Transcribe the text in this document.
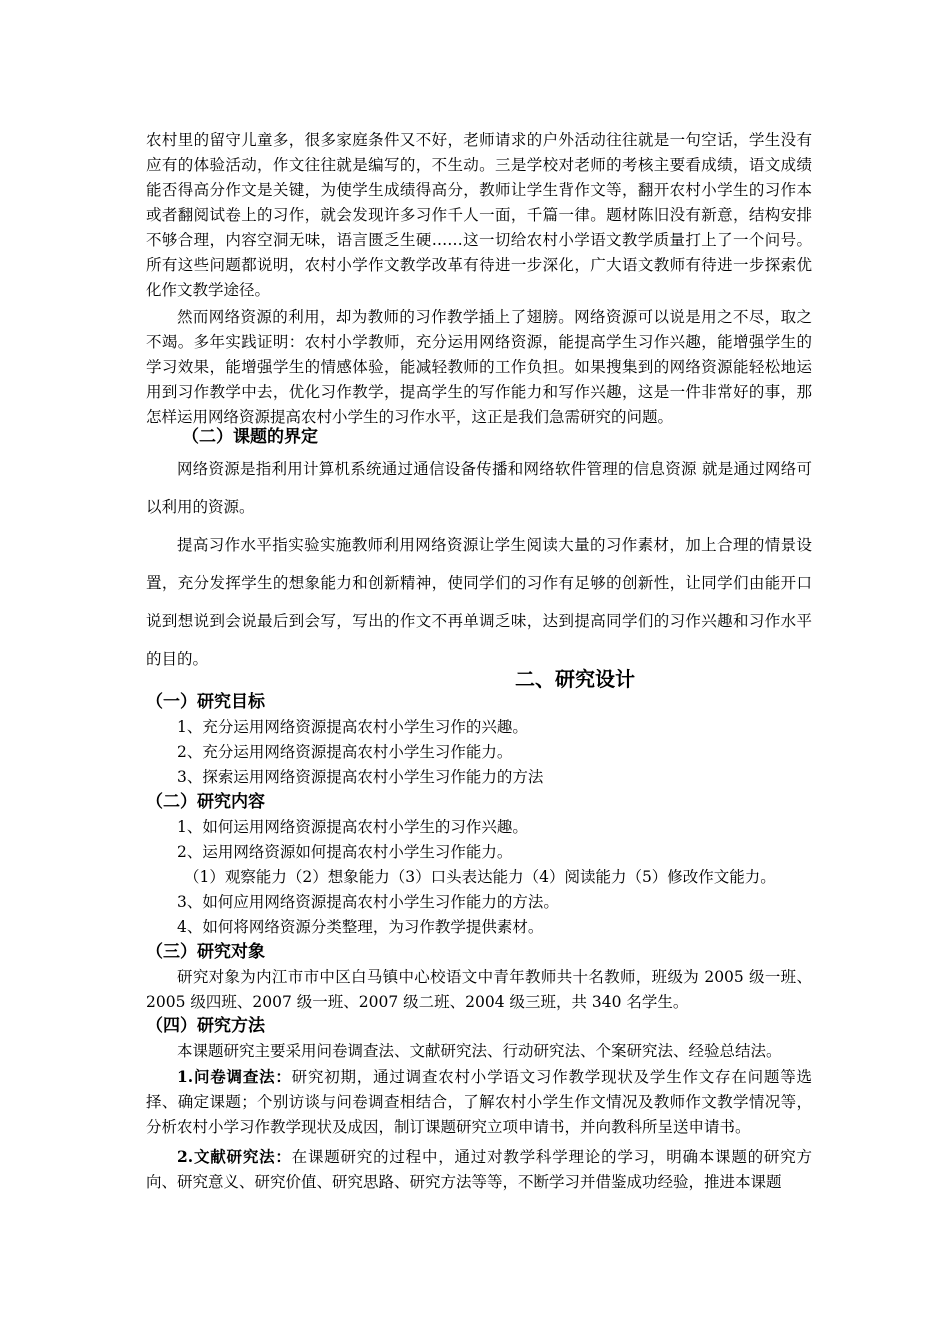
农村里的留守儿童多，很多家庭条件又不好，老师请求的户外活动往往就是一句空话，学生没有应有的体验活动，作文往往就是编写的，不生动。三是学校对老师的考核主要看成绩，语文成绩能否得高分作文是关键，为使学生成绩得高分，教师让学生背作文等，翻开农村小学生的习作本或者翻阅试卷上的习作，就会发现许多习作千人一面，千篇一律。题材陈旧没有新意，结构安排不够合理，内容空洞无味，语言匮乏生硬……这一切给农村小学语文教学质量打上了一个问号。所有这些问题都说明，农村小学作文教学改革有待进一步深化，广大语文教师有待进一步探索优化作文教学途径。

然而网络资源的利用，却为教师的习作教学插上了翅膀。网络资源可以说是用之不尽，取之不竭。多年实践证明：农村小学教师，充分运用网络资源，能提高学生习作兴趣，能增强学生的学习效果，能增强学生的情感体验，能减轻教师的工作负担。如果搜集到的网络资源能轻松地运用到习作教学中去，优化习作教学，提高学生的写作能力和写作兴趣，这是一件非常好的事，那怎样运用网络资源提高农村小学生的习作水平，这正是我们急需研究的问题。

（二）课题的界定

网络资源是指利用计算机系统通过通信设备传播和网络软件管理的信息资源 就是通过网络可以利用的资源。

提高习作水平指实验实施教师利用网络资源让学生阅读大量的习作素材，加上合理的情景设置，充分发挥学生的想象能力和创新精神，使同学们的习作有足够的创新性，让同学们由能开口说到想说到会说最后到会写，写出的作文不再单调乏味，达到提高同学们的习作兴趣和习作水平的目的。

二、研究设计

（一）研究目标

1、充分运用网络资源提高农村小学生习作的兴趣。

2、充分运用网络资源提高农村小学生习作能力。

3、探索运用网络资源提高农村小学生习作能力的方法

（二）研究内容

1、如何运用网络资源提高农村小学生的习作兴趣。

2、运用网络资源如何提高农村小学生习作能力。

（1）观察能力（2）想象能力（3）口头表达能力（4）阅读能力（5）修改作文能力。

3、如何应用网络资源提高农村小学生习作能力的方法。

4、如何将网络资源分类整理，为习作教学提供素材。

（三）研究对象

研究对象为内江市市中区白马镇中心校语文中青年教师共十名教师，班级为 2005 级一班、2005 级四班、2007 级一班、2007 级二班、2004 级三班，共 340 名学生。

（四）研究方法

本课题研究主要采用问卷调查法、文献研究法、行动研究法、个案研究法、经验总结法。

1.问卷调查法：研究初期，通过调查农村小学语文习作教学现状及学生作文存在问题等选择、确定课题；个别访谈与问卷调查相结合，了解农村小学生作文情况及教师作文教学情况等，分析农村小学习作教学现状及成因，制订课题研究立项申请书，并向教科所呈送申请书。

2.文献研究法：在课题研究的过程中，通过对教学科学理论的学习，明确本课题的研究方向、研究意义、研究价值、研究思路、研究方法等等，不断学习并借鉴成功经验，推进本课题
